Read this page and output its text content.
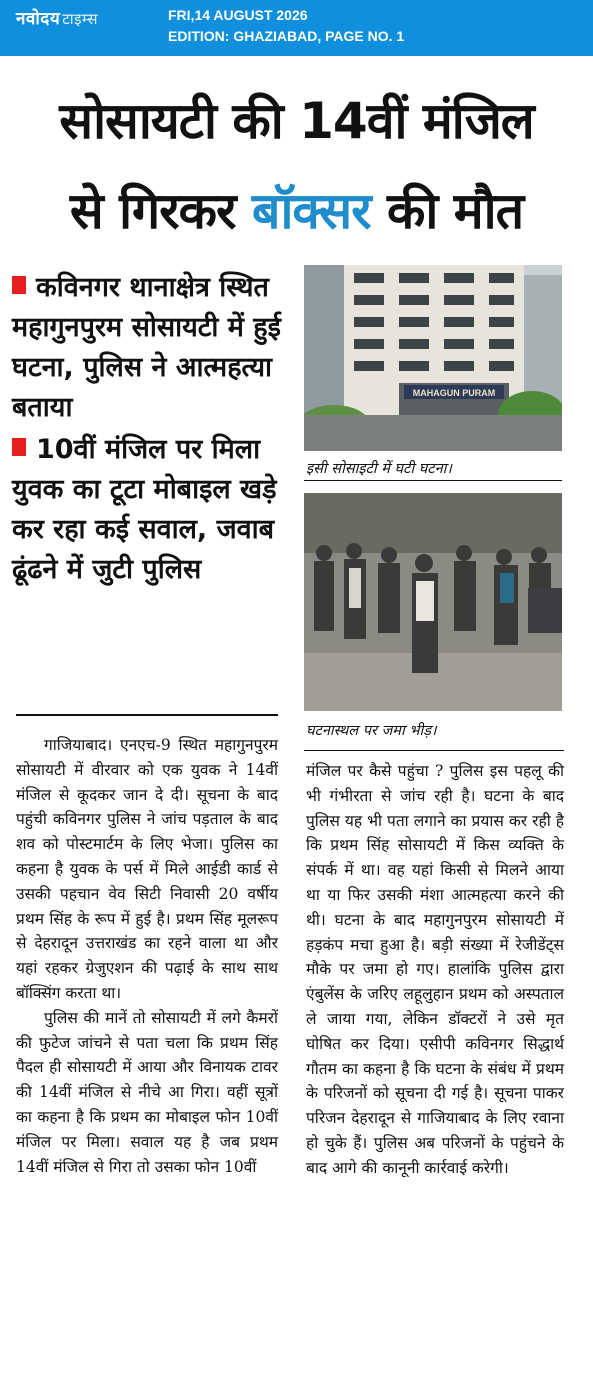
नवोदय टाइम्स	FRI,14 AUGUST 2026
EDITION: GHAZIABAD, PAGE NO. 1
सोसायटी की 14वीं मंजिल
से गिरकर बॉक्सर की मौत
कविनगर थानाक्षेत्र स्थित महागुनपुरम सोसायटी में हुई घटना, पुलिस ने आत्महत्या बताया
10वीं मंजिल पर मिला युवक का टूटा मोबाइल खड़े कर रहा कई सवाल, जवाब ढूंढने में जुटी पुलिस
MAHAGUN PURAM
इसी सोसाइटी में घटी घटना।
घटनास्थल पर जमा भीड़।

गाजियाबाद। एनएच-9 स्थित महागुनपुरम सोसायटी में वीरवार को एक युवक ने 14वीं मंजिल से कूदकर जान दे दी। सूचना के बाद पहुंची कविनगर पुलिस ने जांच पड़ताल के बाद शव को पोस्टमार्टम के लिए भेजा। पुलिस का कहना है युवक के पर्स में मिले आईडी कार्ड से उसकी पहचान वेव सिटी निवासी 20 वर्षीय प्रथम सिंह के रूप में हुई है। प्रथम सिंह मूलरूप से देहरादून उत्तराखंड का रहने वाला था और यहां रहकर ग्रेजुएशन की पढ़ाई के साथ साथ बॉक्सिंग करता था।

पुलिस की मानें तो सोसायटी में लगे कैमरों की फुटेज जांचने से पता चला कि प्रथम सिंह पैदल ही सोसायटी में आया और विनायक टावर की 14वीं मंजिल से नीचे आ गिरा। वहीं सूत्रों का कहना है कि प्रथम का मोबाइल फोन 10वीं मंजिल पर मिला। सवाल यह है जब प्रथम 14वीं मंजिल से गिरा तो उसका फोन 10वीं

मंजिल पर कैसे पहुंचा ? पुलिस इस पहलू की भी गंभीरता से जांच रही है। घटना के बाद पुलिस यह भी पता लगाने का प्रयास कर रही है कि प्रथम सिंह सोसायटी में किस व्यक्ति के संपर्क में था। वह यहां किसी से मिलने आया था या फिर उसकी मंशा आत्महत्या करने की थी। घटना के बाद महागुनपुरम सोसायटी में हड़कंप मचा हुआ है। बड़ी संख्या में रेजीडेंट्स मौके पर जमा हो गए। हालांकि पुलिस द्वारा एंबुलेंस के जरिए लहूलुहान प्रथम को अस्पताल ले जाया गया, लेकिन डॉक्टरों ने उसे मृत घोषित कर दिया। एसीपी कविनगर सिद्धार्थ गौतम का कहना है कि घटना के संबंध में प्रथम के परिजनों को सूचना दी गई है। सूचना पाकर परिजन देहरादून से गाजियाबाद के लिए रवाना हो चुके हैं। पुलिस अब परिजनों के पहुंचने के बाद आगे की कानूनी कार्रवाई करेगी।
